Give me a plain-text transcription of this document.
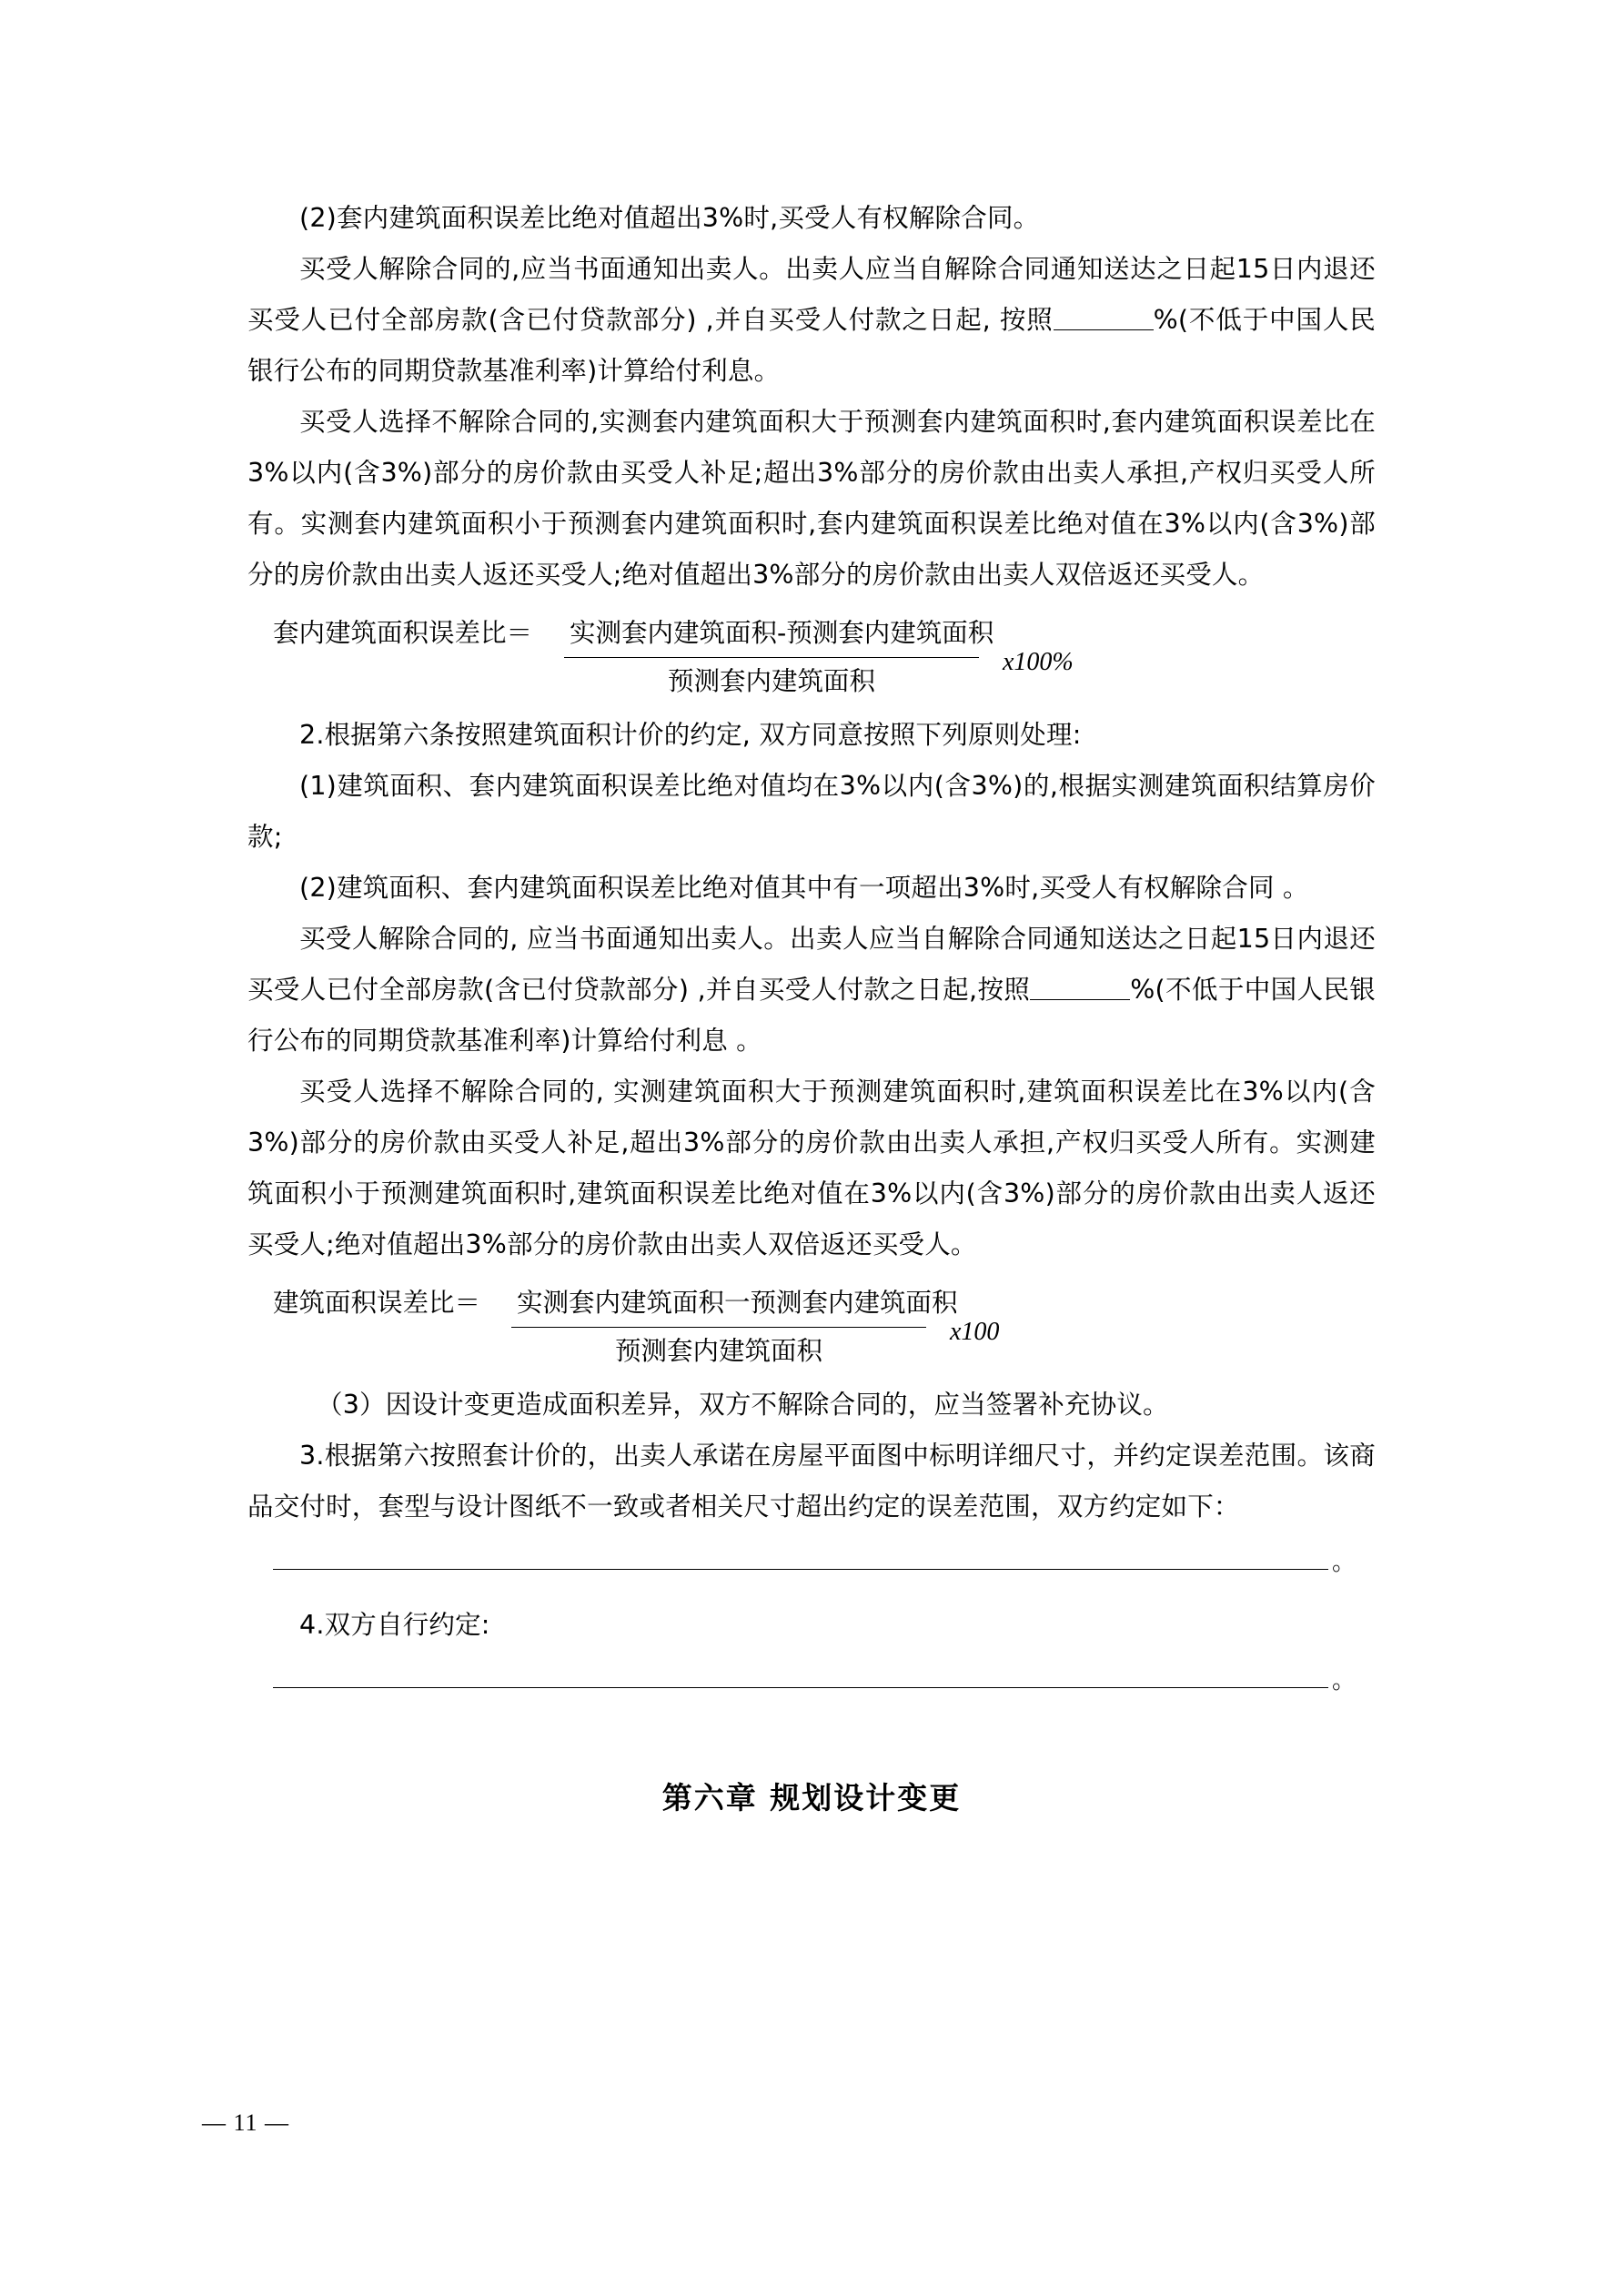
(2)套内建筑面积误差比绝对值超出3%时,买受人有权解除合同。

买受人解除合同的,应当书面通知出卖人。出卖人应当自解除合同通知送达之日起15日内退还买受人已付全部房款(含已付贷款部分) ,并自买受人付款之日起, 按照	%(不低于中国人民银行公布的同期贷款基准利率)计算给付利息。

买受人选择不解除合同的,实测套内建筑面积大于预测套内建筑面积时,套内建筑面积误差比在3%以内(含3%)部分的房价款由买受人补足;超出3%部分的房价款由出卖人承担,产权归买受人所有。实测套内建筑面积小于预测套内建筑面积时,套内建筑面积误差比绝对值在3%以内(含3%)部分的房价款由出卖人返还买受人;绝对值超出3%部分的房价款由出卖人双倍返还买受人。

套内建筑面积误差比＝ 实测套内建筑面积-预测套内建筑面积
预测套内建筑面积
x100%

2.根据第六条按照建筑面积计价的约定, 双方同意按照下列原则处理:

(1)建筑面积、套内建筑面积误差比绝对值均在3%以内(含3%)的,根据实测建筑面积结算房价款;

(2)建筑面积、套内建筑面积误差比绝对值其中有一项超出3%时,买受人有权解除合同 。

买受人解除合同的, 应当书面通知出卖人。出卖人应当自解除合同通知送达之日起15日内退还买受人已付全部房款(含已付贷款部分) ,并自买受人付款之日起,按照	%(不低于中国人民银行公布的同期贷款基准利率)计算给付利息 。

买受人选择不解除合同的, 实测建筑面积大于预测建筑面积时,建筑面积误差比在3%以内(含3%)部分的房价款由买受人补足,超出3%部分的房价款由出卖人承担,产权归买受人所有。实测建筑面积小于预测建筑面积时,建筑面积误差比绝对值在3%以内(含3%)部分的房价款由出卖人返还买受人;绝对值超出3%部分的房价款由出卖人双倍返还买受人。

建筑面积误差比＝ 实测套内建筑面积一预测套内建筑面积
预测套内建筑面积
x100

（3）因设计变更造成面积差异，双方不解除合同的，应当签署补充协议。

3.根据第六按照套计价的，出卖人承诺在房屋平面图中标明详细尺寸，并约定误差范围。该商品交付时，套型与设计图纸不一致或者相关尺寸超出约定的误差范围，双方约定如下：

。

4.双方自行约定:

。
第六章 规划设计变更
— 11 —
